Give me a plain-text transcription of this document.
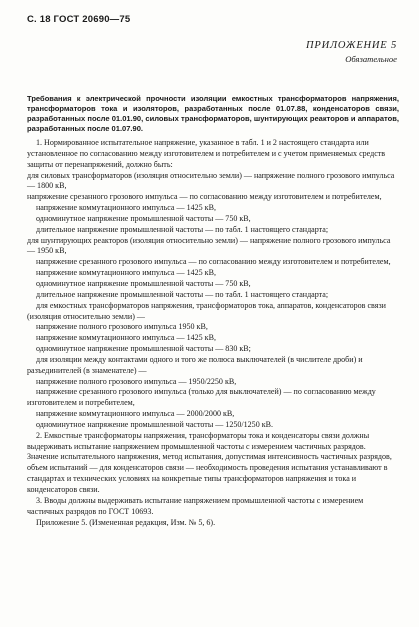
С. 18 ГОСТ 20690—75
ПРИЛОЖЕНИЕ 5
Обязательное
Требования к электрической прочности изоляции емкостных трансформаторов напряжения, трансформаторов тока и изоляторов, разработанных после 01.07.88, конденсаторов связи, разработанных после 01.01.90, силовых трансформаторов, шунтирующих реакторов и аппаратов, разработанных после 01.07.90.

1. Нормированное испытательное напряжение, указанное в табл. 1 и 2 настоящего стандарта или установленное по согласованию между изготовителем и потребителем и с учетом применяемых средств защиты от перенапряжений, должно быть:

для силовых трансформаторов (изоляция относительно земли) — напряжение полного грозового импульса — 1800 кВ,

напряжение срезанного грозового импульса — по согласованию между изготовителем и потребителем,

напряжение коммутационного импульса — 1425 кВ,

одноминутное напряжение промышленной частоты — 750 кВ,

длительное напряжение промышленной частоты — по табл. 1 настоящего стандарта;

для шунтирующих реакторов (изоляция относительно земли) — напряжение полного грозового импульса — 1950 кВ,

напряжение срезанного грозового импульса — по согласованию между изготовителем и потребителем,

напряжение коммутационного импульса — 1425 кВ,

одноминутное напряжение промышленной частоты — 750 кВ,

длительное напряжение промышленной частоты — по табл. 1 настоящего стандарта;

для емкостных трансформаторов напряжения, трансформаторов тока, аппаратов, конденсаторов связи (изоляция относительно земли) —

напряжение полного грозового импульса 1950 кВ,

напряжение коммутационного импульса — 1425 кВ,

одноминутное напряжение промышленной частоты — 830 кВ;

для изоляции между контактами одного и того же полюса выключателей (в числителе дроби) и разъединителей (в знаменателе) —

напряжение полного грозового импульса — 1950/2250 кВ,

напряжение срезанного грозового импульса (только для выключателей) — по согласованию между изготовителем и потребителем,

напряжение коммутационного импульса — 2000/2000 кВ,

одноминутное напряжение промышленной частоты — 1250/1250 кВ.

2. Емкостные трансформаторы напряжения, трансформаторы тока и конденсаторы связи должны выдерживать испытание напряжением промышленной частоты с измерением частичных разрядов. Значение испытательного напряжения, метод испытания, допустимая интенсивность частичных разрядов, объем испытаний — для конденсаторов связи — необходимость проведения испытания устанавливают в стандартах и технических условиях на конкретные типы трансформаторов напряжения и тока и конденсаторов связи.

3. Вводы должны выдерживать испытание напряжением промышленной частоты с измерением частичных разрядов по ГОСТ 10693.

Приложение 5. (Измененная редакция, Изм. № 5, 6).
